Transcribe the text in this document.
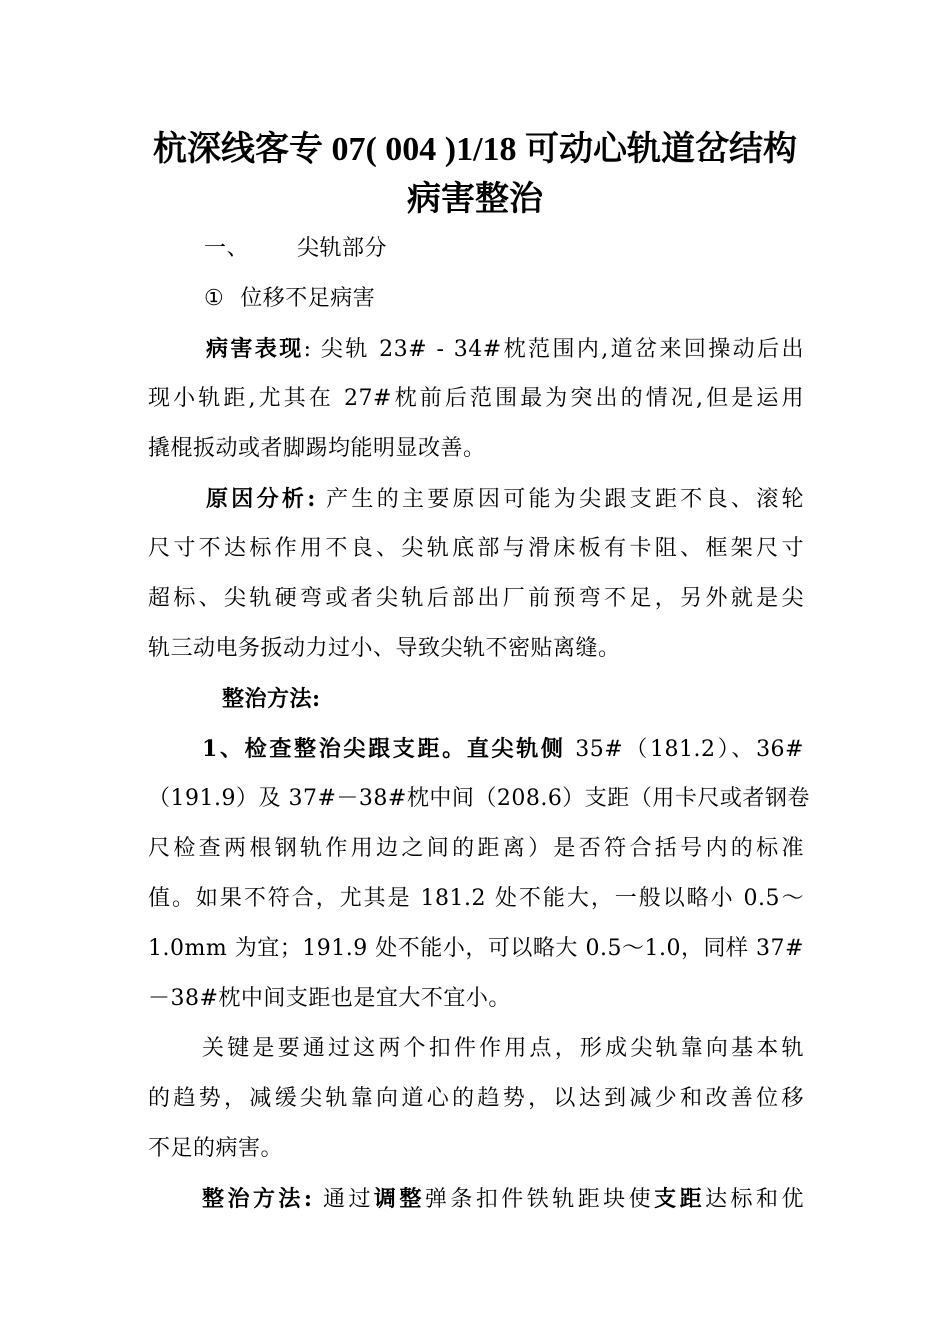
杭深线客专 07( 004 )1/18 可动心轨道岔结构
病害整治
一、 尖轨部分
① 位移不足病害
病害表现: 尖轨 23# - 34#枕范围内,道岔来回操动后出
现小轨距,尤其在 27#枕前后范围最为突出的情况,但是运用
撬棍扳动或者脚踢均能明显改善。
原因分析: 产生的主要原因可能为尖跟支距不良、滚轮
尺寸不达标作用不良、尖轨底部与滑床板有卡阻、框架尺寸
超标、尖轨硬弯或者尖轨后部出厂前预弯不足，另外就是尖
轨三动电务扳动力过小、导致尖轨不密贴离缝。
整治方法:
1、检查整治尖跟支距。直尖轨侧 35#（181.2）、36#
（191.9）及 37#－38#枕中间（208.6）支距（用卡尺或者钢卷
尺检查两根钢轨作用边之间的距离）是否符合括号内的标准
值。如果不符合，尤其是 181.2 处不能大，一般以略小 0.5～
1.0mm 为宜；191.9 处不能小，可以略大 0.5～1.0，同样 37#
－38#枕中间支距也是宜大不宜小。
关键是要通过这两个扣件作用点，形成尖轨靠向基本轨
的趋势，减缓尖轨靠向道心的趋势，以达到减少和改善位移
不足的病害。
整治方法: 通过调整弹条扣件铁轨距块使支距达标和优
